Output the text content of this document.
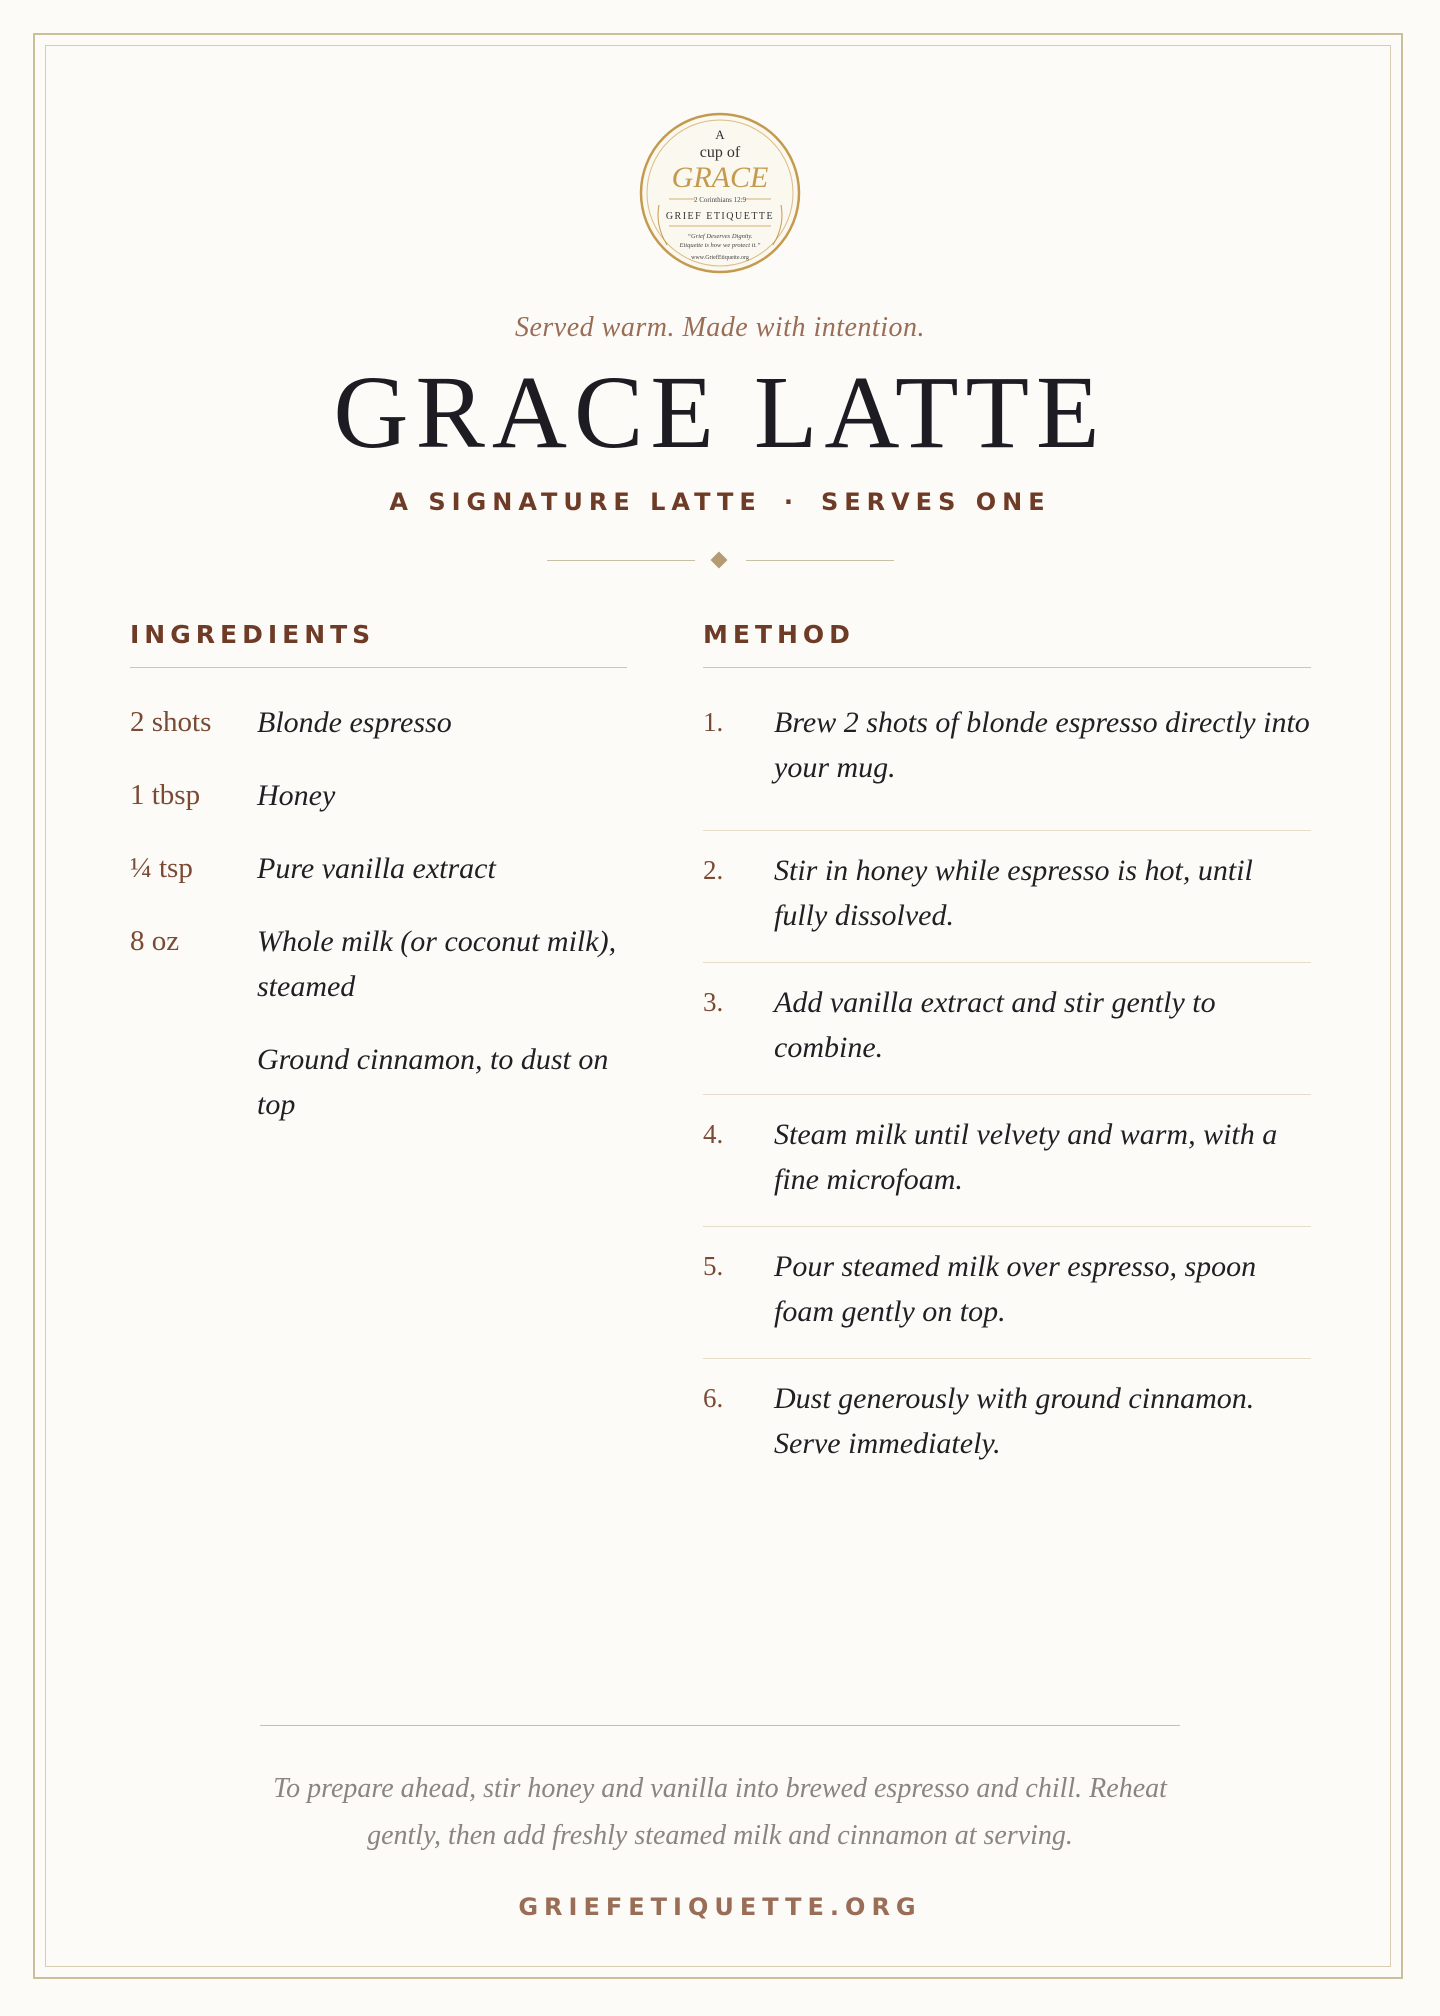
A
cup of
GRACE
2 Corinthians 12:9
GRIEF ETIQUETTE
“Grief Deserves Dignity.
Etiquette is how we protect it.”
www.GriefEtiquette.org
Served warm. Made with intention.
GRACE LATTE
A SIGNATURE LATTE · SERVES ONE
INGREDIENTS
2 shots	Blonde espresso
1 tbsp	Honey
¼ tsp	Pure vanilla extract
8 oz	Whole milk (or coconut milk), steamed
Ground cinnamon, to dust on top
METHOD
1.	Brew 2 shots of blonde espresso directly into your mug.
2.	Stir in honey while espresso is hot, until fully dissolved.
3.	Add vanilla extract and stir gently to combine.
4.	Steam milk until velvety and warm, with a fine microfoam.
5.	Pour steamed milk over espresso, spoon foam gently on top.
6.	Dust generously with ground cinnamon. Serve immediately.
To prepare ahead, stir honey and vanilla into brewed espresso and chill. Reheat gently, then add freshly steamed milk and cinnamon at serving.
GRIEFETIQUETTE.ORG
